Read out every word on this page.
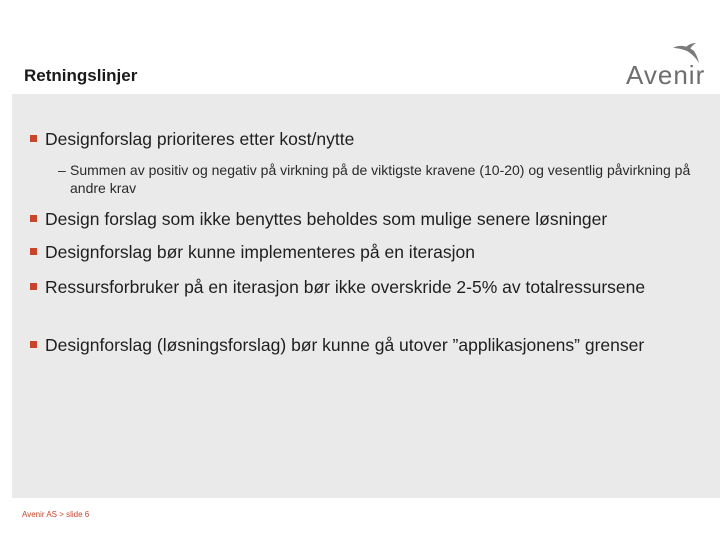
Retningslinjer	Avenir
Designforslag prioriteres etter kost/nytte
– Summen av positiv og negativ på virkning på de viktigste kravene (10-20) og vesentlig påvirkning på andre krav
Design forslag som ikke benyttes beholdes som mulige senere løsninger
Designforslag bør kunne implementeres på en iterasjon
Ressursforbruker på en iterasjon bør ikke overskride 2-5% av totalressursene
Designforslag (løsningsforslag) bør kunne gå utover ”applikasjonens” grenser
Avenir AS > slide 6
